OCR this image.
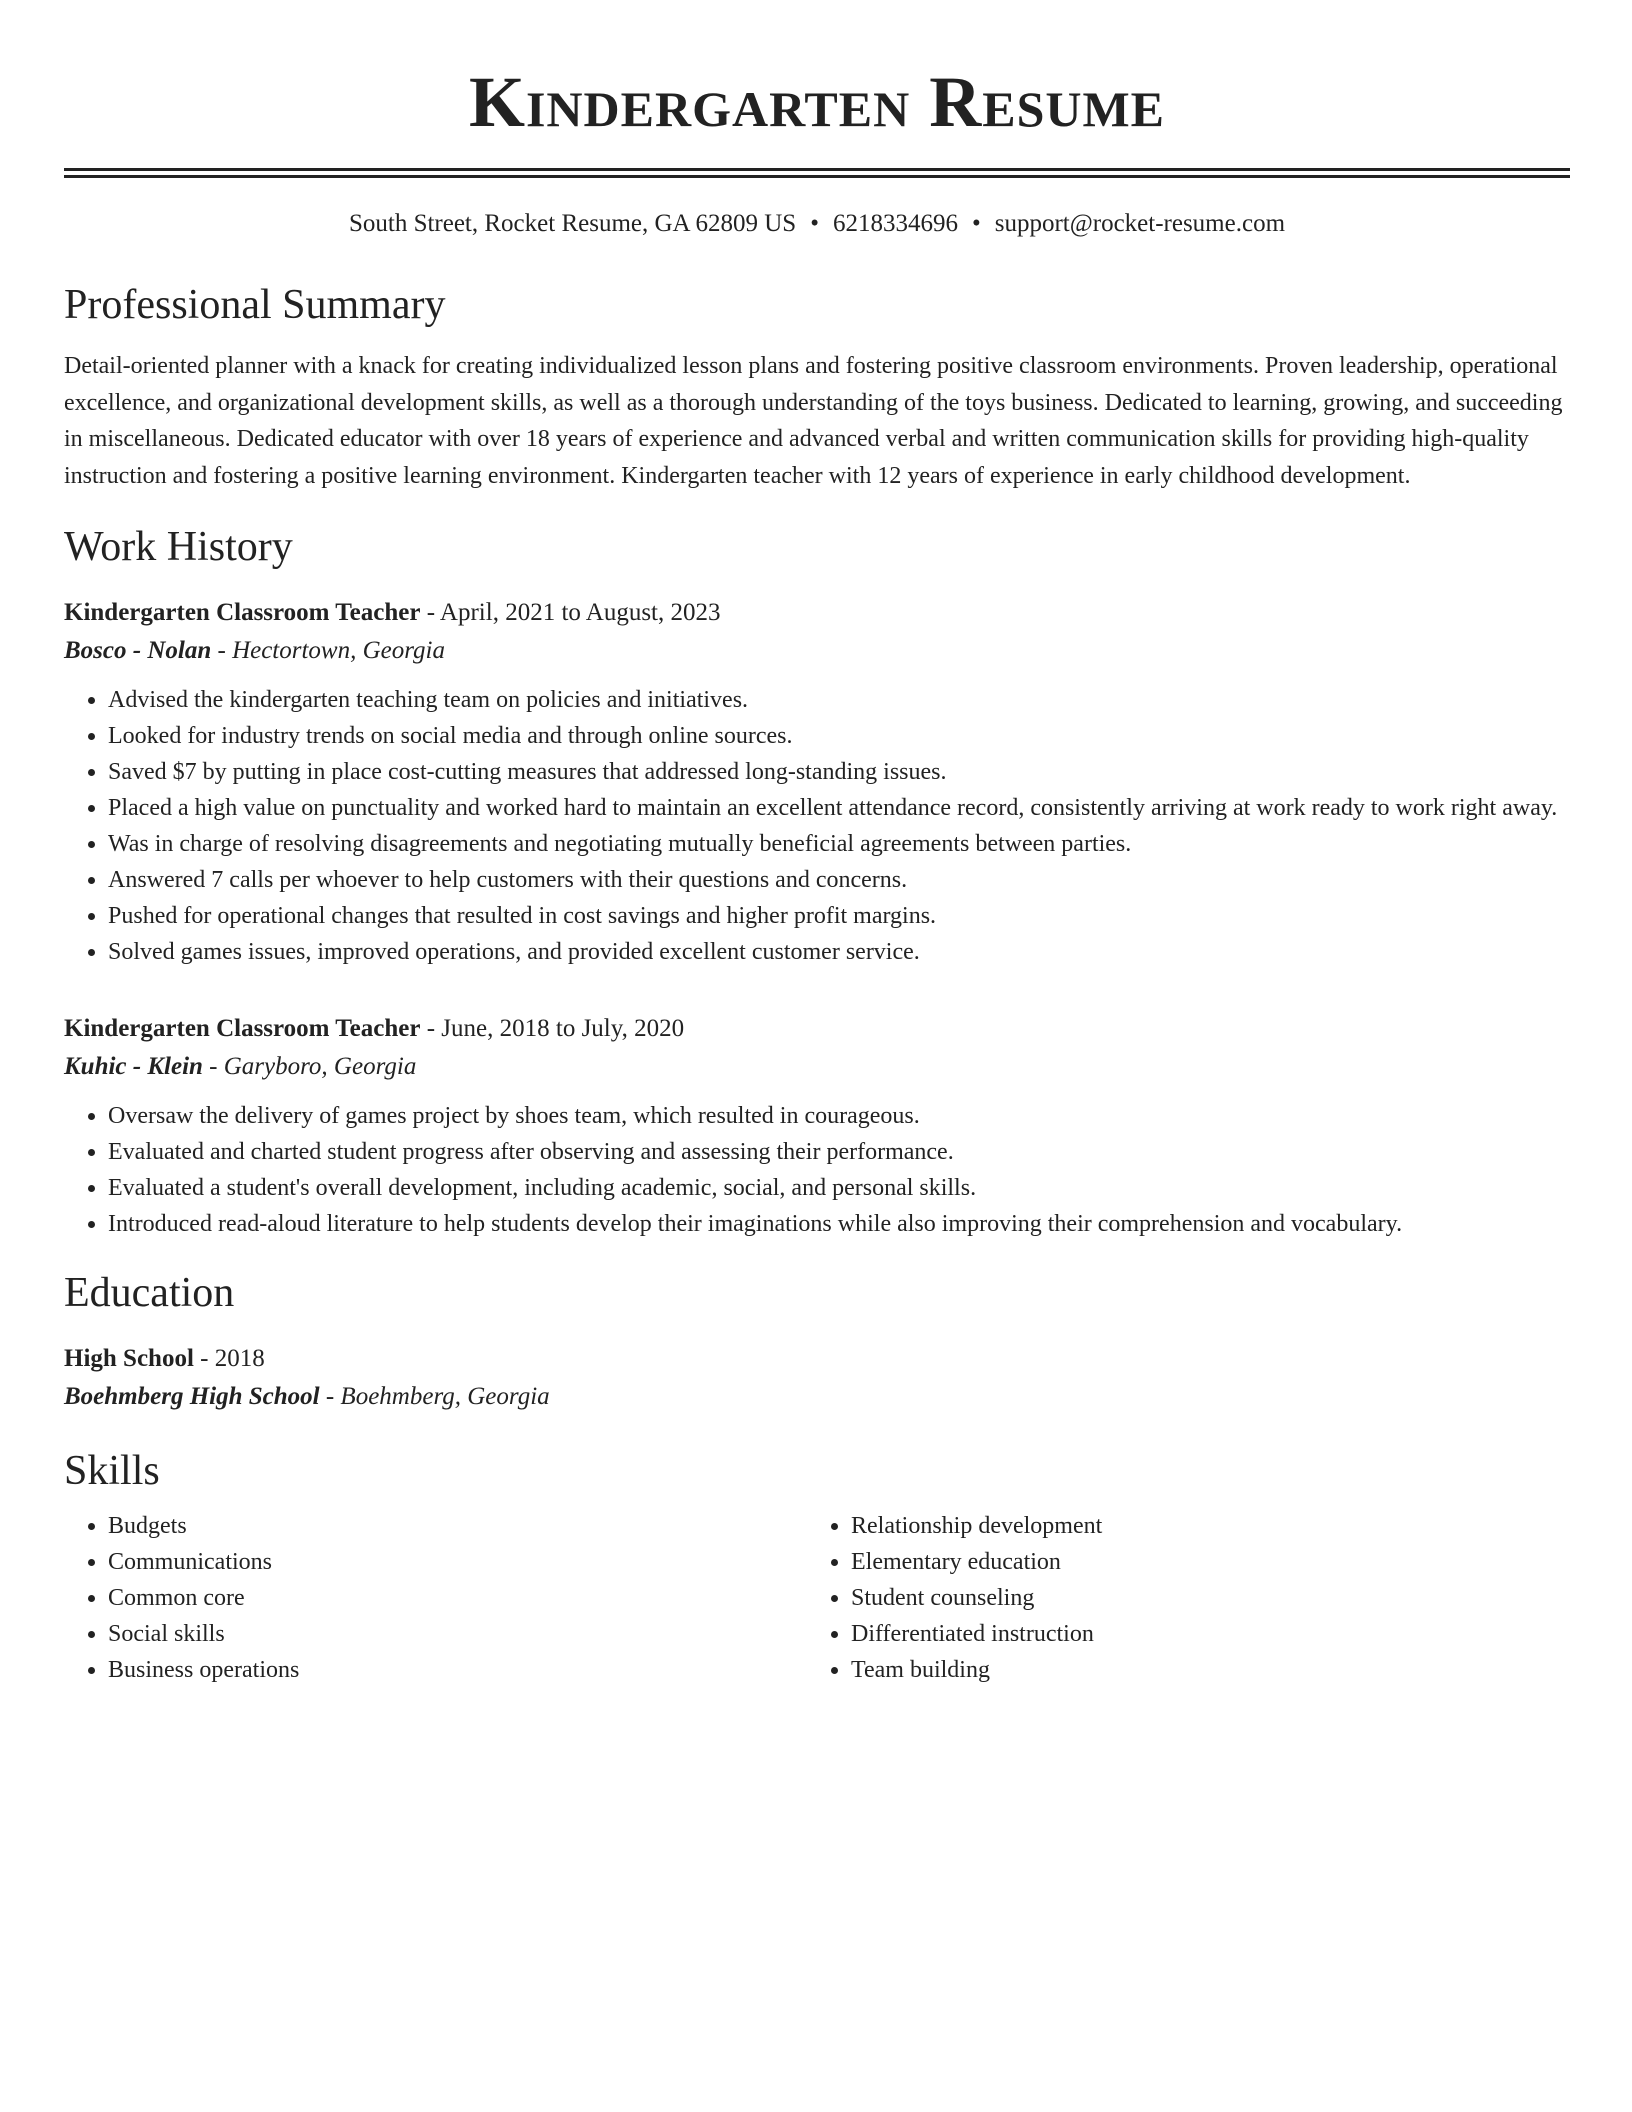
Kindergarten Resume
South Street, Rocket Resume, GA 62809 US • 6218334696 • support@rocket-resume.com
Professional Summary
Detail-oriented planner with a knack for creating individualized lesson plans and fostering positive classroom environments. Proven leadership, operational excellence, and organizational development skills, as well as a thorough understanding of the toys business. Dedicated to learning, growing, and succeeding in miscellaneous. Dedicated educator with over 18 years of experience and advanced verbal and written communication skills for providing high-quality instruction and fostering a positive learning environment. Kindergarten teacher with 12 years of experience in early childhood development.
Work History
Kindergarten Classroom Teacher - April, 2021 to August, 2023
Bosco - Nolan - Hectortown, Georgia
• Advised the kindergarten teaching team on policies and initiatives.
• Looked for industry trends on social media and through online sources.
• Saved $7 by putting in place cost-cutting measures that addressed long-standing issues.
• Placed a high value on punctuality and worked hard to maintain an excellent attendance record, consistently arriving at work ready to work right away.
• Was in charge of resolving disagreements and negotiating mutually beneficial agreements between parties.
• Answered 7 calls per whoever to help customers with their questions and concerns.
• Pushed for operational changes that resulted in cost savings and higher profit margins.
• Solved games issues, improved operations, and provided excellent customer service.
Kindergarten Classroom Teacher - June, 2018 to July, 2020
Kuhic - Klein - Garyboro, Georgia
• Oversaw the delivery of games project by shoes team, which resulted in courageous.
• Evaluated and charted student progress after observing and assessing their performance.
• Evaluated a student's overall development, including academic, social, and personal skills.
• Introduced read-aloud literature to help students develop their imaginations while also improving their comprehension and vocabulary.
Education
High School - 2018
Boehmberg High School - Boehmberg, Georgia
Skills
• Budgets
• Communications
• Common core
• Social skills
• Business operations
• Relationship development
• Elementary education
• Student counseling
• Differentiated instruction
• Team building
